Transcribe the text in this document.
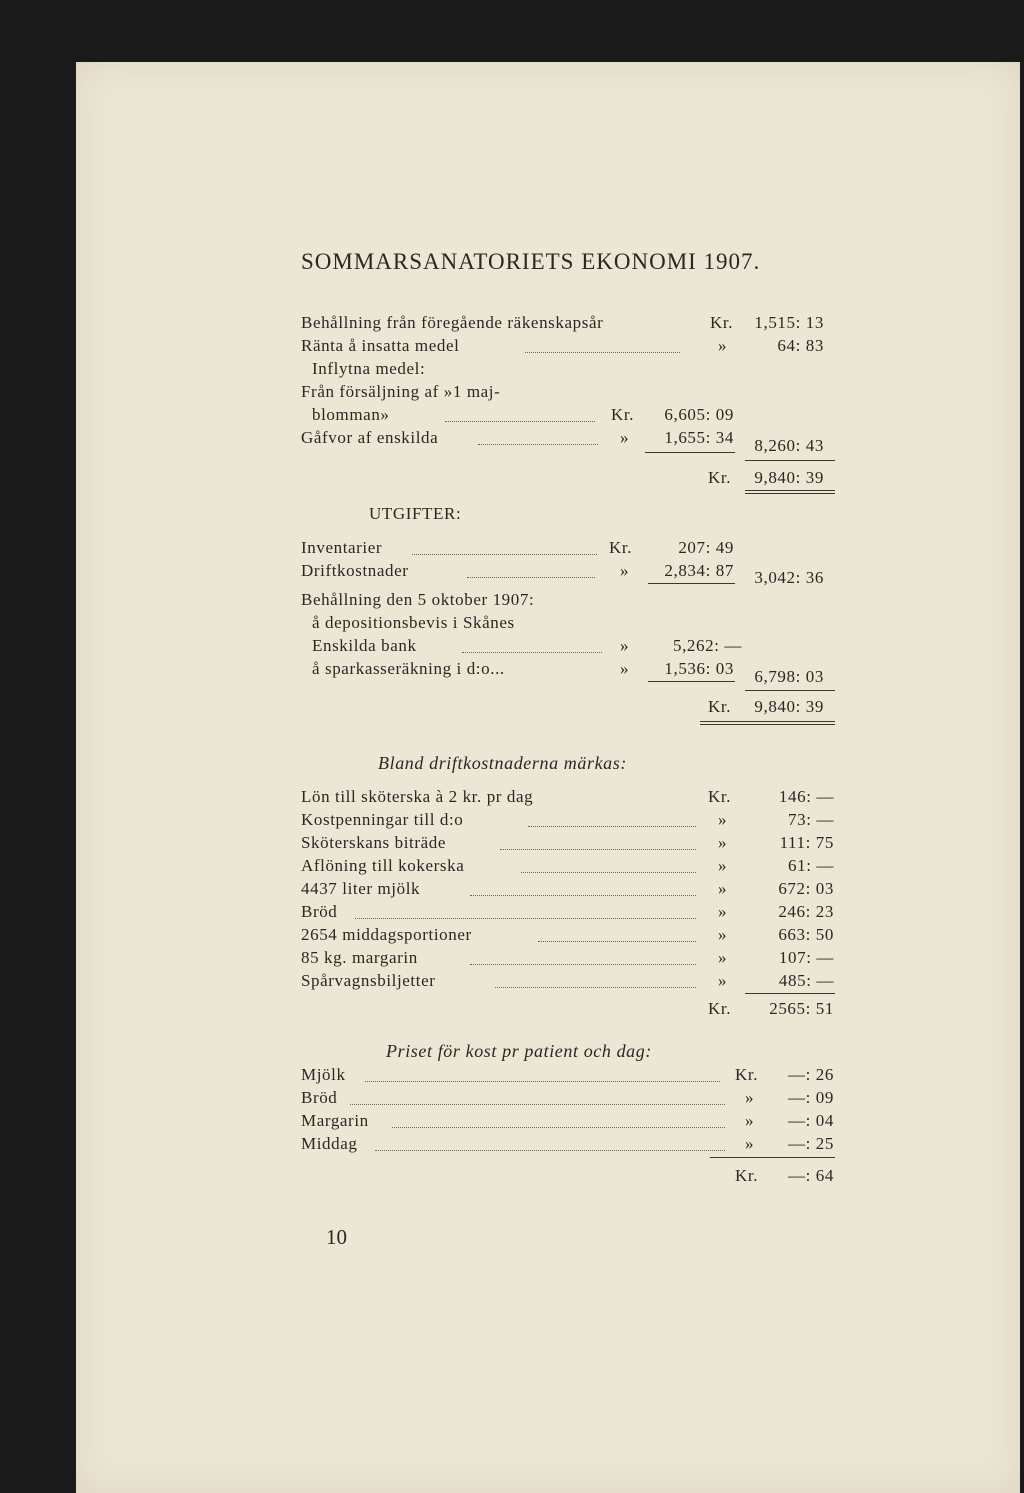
SOMMARSANATORIETS EKONOMI 1907.
Behållning från föregående räkenskapsår	Kr. 1,515: 13
Ränta å insatta medel	»	64: 83
Inflytna medel:
Från försäljning af »1 maj-
blomman»	Kr. 6,605: 09
Gåfvor af enskilda	» 1,655: 34 8,260: 43
Kr. 9,840: 39
UTGIFTER:
Inventarier	Kr.	207: 49
Driftkostnader	» 2,834: 87 3,042: 36
Behållning den 5 oktober 1907:
å depositionsbevis i Skånes
Enskilda bank	»	5,262: —
å sparkasseräkning i d:o...	» 1,536: 03 6,798: 03
Kr. 9,840: 39
Bland driftkostnaderna märkas:
Lön till sköterska à 2 kr. pr dag	Kr.	146: —
Kostpenningar till d:o	»	73: —
Sköterskans biträde	»	111: 75
Aflöning till kokerska	»	61: —
4437 liter mjölk	»	672: 03
Bröd	»	246: 23
2654 middagsportioner	»	663: 50
85 kg. margarin	»	107: —
Spårvagnsbiljetter	»	485: —
Kr. 2565: 51
Priset för kost pr patient och dag:
Mjölk	Kr. —: 26
Bröd	» —: 09
Margarin	» —: 04
Middag	» —: 25
Kr. —: 64
10
